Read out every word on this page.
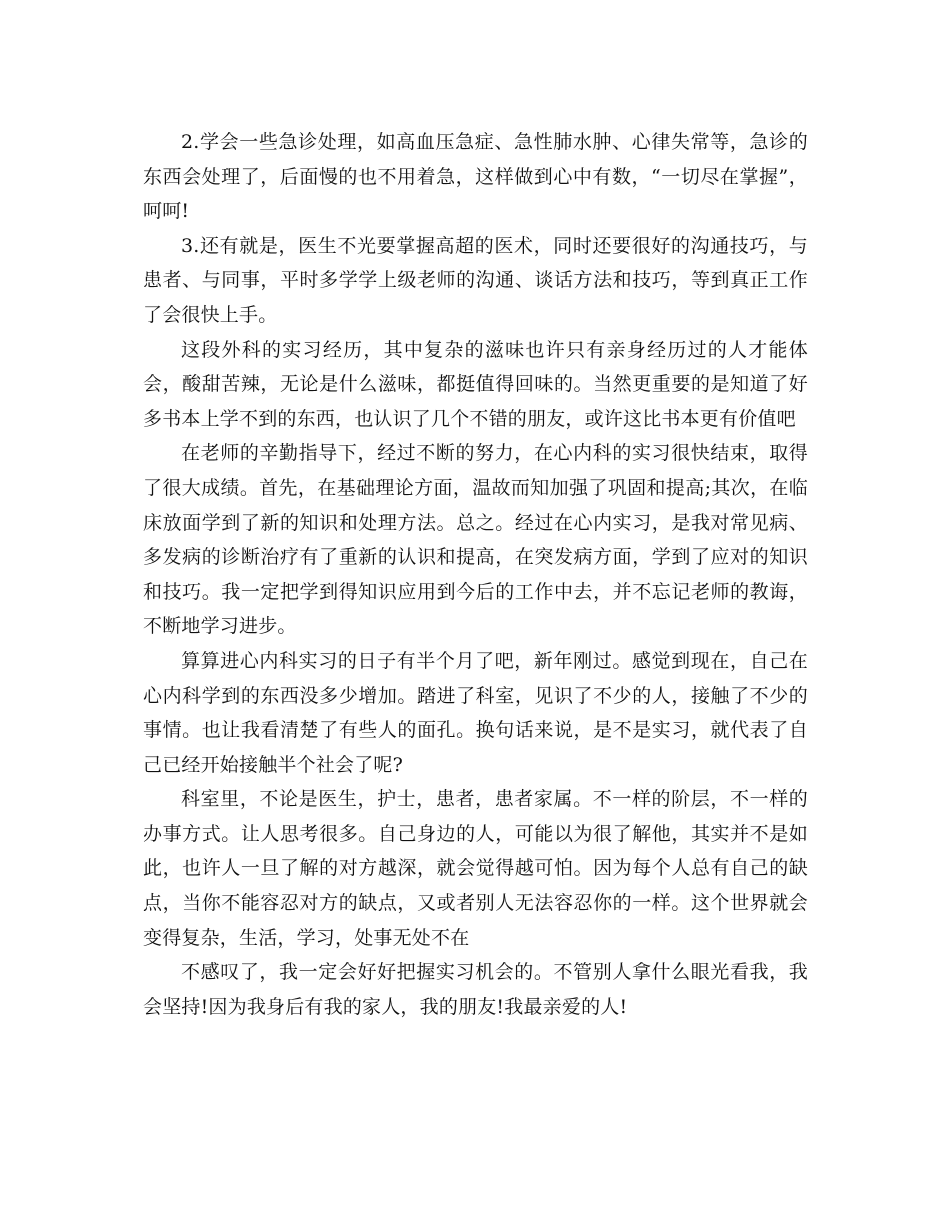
2.学会一些急诊处理，如高血压急症、急性肺水肿、心律失常等，急诊的东西会处理了，后面慢的也不用着急，这样做到心中有数，“一切尽在掌握”，呵呵!

3.还有就是，医生不光要掌握高超的医术，同时还要很好的沟通技巧，与患者、与同事，平时多学学上级老师的沟通、谈话方法和技巧，等到真正工作了会很快上手。

这段外科的实习经历，其中复杂的滋味也许只有亲身经历过的人才能体会，酸甜苦辣，无论是什么滋味，都挺值得回味的。当然更重要的是知道了好多书本上学不到的东西，也认识了几个不错的朋友，或许这比书本更有价值吧

在老师的辛勤指导下，经过不断的努力，在心内科的实习很快结束，取得了很大成绩。首先，在基础理论方面，温故而知加强了巩固和提高;其次，在临床放面学到了新的知识和处理方法。总之。经过在心内实习，是我对常见病、多发病的诊断治疗有了重新的认识和提高，在突发病方面，学到了应对的知识和技巧。我一定把学到得知识应用到今后的工作中去，并不忘记老师的教诲，不断地学习进步。

算算进心内科实习的日子有半个月了吧，新年刚过。感觉到现在，自己在心内科学到的东西没多少增加。踏进了科室，见识了不少的人，接触了不少的事情。也让我看清楚了有些人的面孔。换句话来说，是不是实习，就代表了自己已经开始接触半个社会了呢?

科室里，不论是医生，护士，患者，患者家属。不一样的阶层，不一样的办事方式。让人思考很多。自己身边的人，可能以为很了解他，其实并不是如此，也许人一旦了解的对方越深，就会觉得越可怕。因为每个人总有自己的缺点，当你不能容忍对方的缺点，又或者别人无法容忍你的一样。这个世界就会变得复杂，生活，学习，处事无处不在

不感叹了，我一定会好好把握实习机会的。不管别人拿什么眼光看我，我会坚持!因为我身后有我的家人，我的朋友!我最亲爱的人!
